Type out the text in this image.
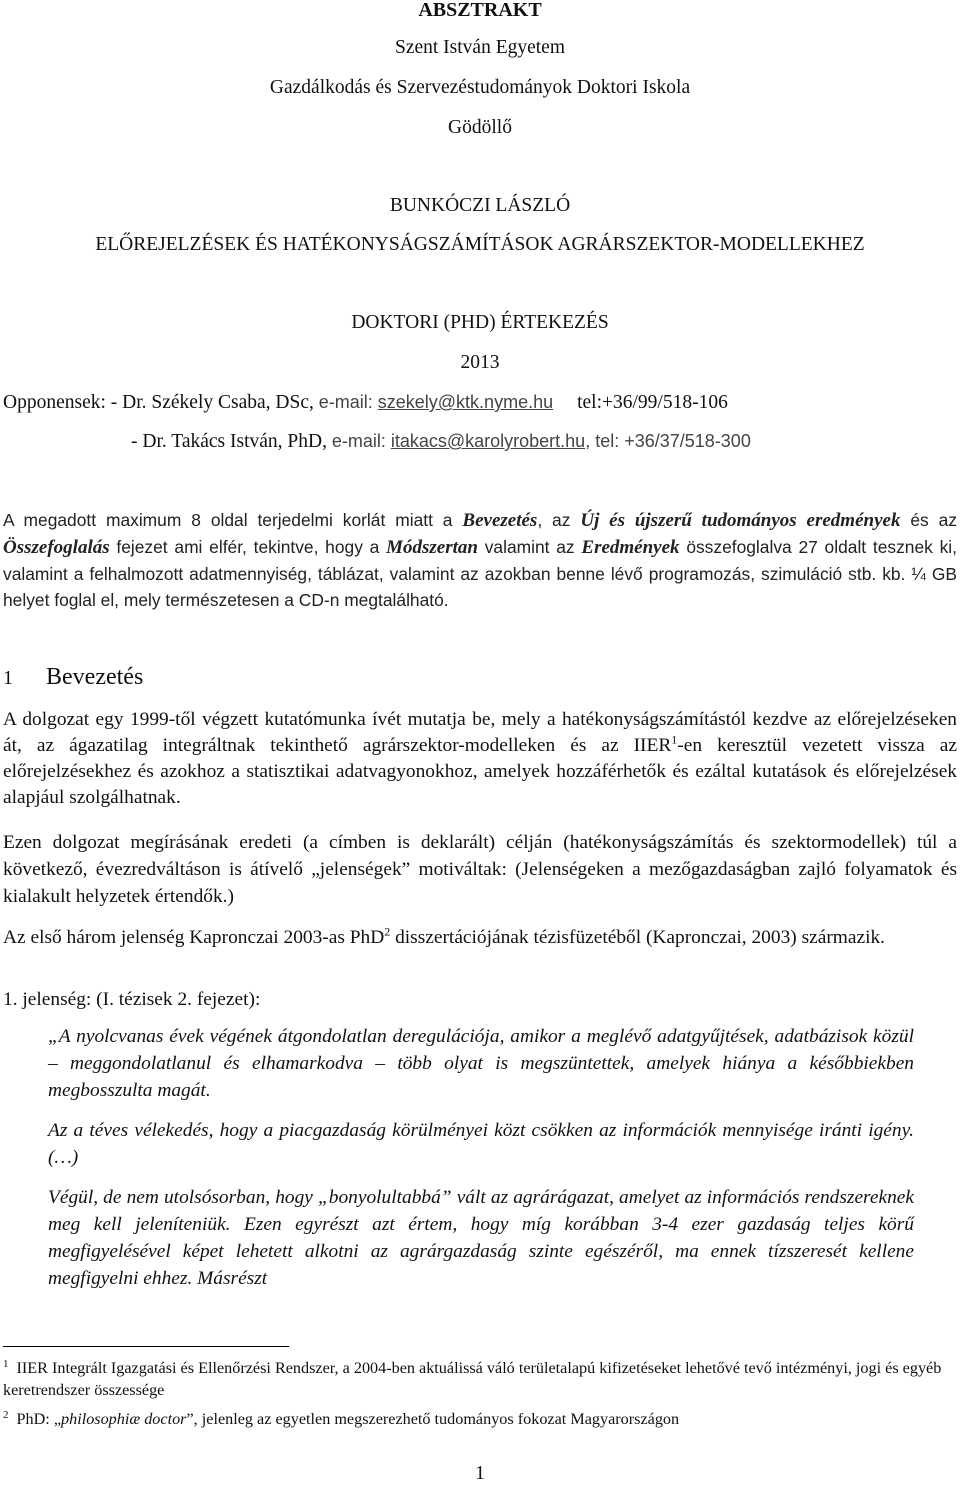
ABSZTRAKT
Szent István Egyetem
Gazdálkodás és Szervezéstudományok Doktori Iskola
Gödöllő
BUNKÓCZI LÁSZLÓ
ELŐREJELZÉSEK ÉS HATÉKONYSÁGSZÁMÍTÁSOK AGRÁRSZEKTOR-MODELLEKHEZ
DOKTORI (PHD) ÉRTEKEZÉS
2013
Opponensek: - Dr. Székely Csaba, DSc, e-mail: szekely@ktk.nyme.hu tel:+36/99/518-106
- Dr. Takács István, PhD, e-mail: itakacs@karolyrobert.hu, tel: +36/37/518-300
A megadott maximum 8 oldal terjedelmi korlát miatt a Bevezetés, az Új és újszerű tudományos eredmények és az Összefoglalás fejezet ami elfér, tekintve, hogy a Módszertan valamint az Eredmények összefoglalva 27 oldalt tesznek ki, valamint a felhalmozott adatmennyiség, táblázat, valamint az azokban benne lévő programozás, szimuláció stb. kb. ¼ GB helyet foglal el, mely természetesen a CD-n megtalálható.
1 Bevezetés
A dolgozat egy 1999-től végzett kutatómunka ívét mutatja be, mely a hatékonyságszámítástól kezdve az előrejelzéseken át, az ágazatilag integráltnak tekinthető agrárszektor-modelleken és az IIER$^1$-en keresztül vezetett vissza az előrejelzésekhez és azokhoz a statisztikai adatvagyonokhoz, amelyek hozzáférhetők és ezáltal kutatások és előrejelzések alapjául szolgálhatnak.
Ezen dolgozat megírásának eredeti (a címben is deklarált) célján (hatékonyságszámítás és szektormodellek) túl a következő, évezredváltáson is átívelő „jelenségek” motiváltak: (Jelenségeken a mezőgazdaságban zajló folyamatok és kialakult helyzetek értendők.)
Az első három jelenség Kapronczai 2003-as PhD$^2$ disszertációjának tézisfüzetéből (Kapronczai, 2003) származik.
1. jelenség: (I. tézisek 2. fejezet):
„A nyolcvanas évek végének átgondolatlan deregulációja, amikor a meglévő adatgyűjtések, adatbázisok közül – meggondolatlanul és elhamarkodva – több olyat is megszüntettek, amelyek hiánya a későbbiekben megbosszulta magát.
Az a téves vélekedés, hogy a piacgazdaság körülményei közt csökken az információk mennyisége iránti igény. (…)
Végül, de nem utolsósorban, hogy „bonyolultabbá” vált az agrárágazat, amelyet az információs rendszereknek meg kell jeleníteniük. Ezen egyrészt azt értem, hogy míg korábban 3-4 ezer gazdaság teljes körű megfigyelésével képet lehetett alkotni az agrárgazdaság szinte egészéről, ma ennek tízszeresét kellene megfigyelni ehhez. Másrészt
$^1$ IIER Integrált Igazgatási és Ellenőrzési Rendszer, a 2004-ben aktuálissá váló területalapú kifizetéseket lehetővé tevő intézményi, jogi és egyéb keretrendszer összessége
$^2$ PhD: „philosophiæ doctor”, jelenleg az egyetlen megszerezhető tudományos fokozat Magyarországon
1
